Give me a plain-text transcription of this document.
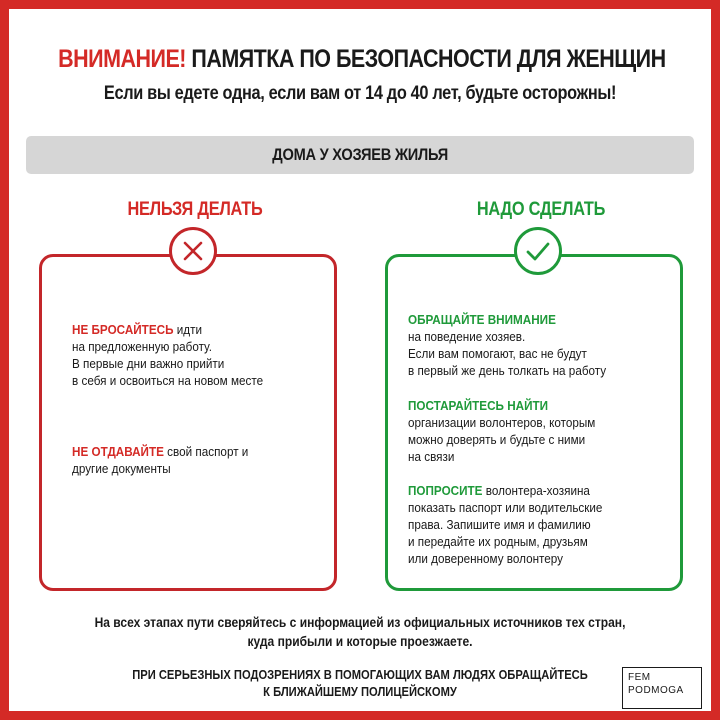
ВНИМАНИЕ! ПАМЯТКА ПО БЕЗОПАСНОСТИ ДЛЯ ЖЕНЩИН
Если вы едете одна, если вам от 14 до 40 лет, будьте осторожны!
ДОМА У ХОЗЯЕВ ЖИЛЬЯ
НЕЛЬЗЯ ДЕЛАТЬ	НАДО СДЕЛАТЬ
НЕ БРОСАЙТЕСЬ идти
на предложенную работу.
В первые дни важно прийти
в себя и освоиться на новом месте
НЕ ОТДАВАЙТЕ свой паспорт и
другие документы
ОБРАЩАЙТЕ ВНИМАНИЕ
на поведение хозяев.
Если вам помогают, вас не будут
в первый же день толкать на работу
ПОСТАРАЙТЕСЬ НАЙТИ
организации волонтеров, которым
можно доверять и будьте с ними
на связи
ПОПРОСИТЕ волонтера-хозяина
показать паспорт или водительские
права. Запишите имя и фамилию
и передайте их родным, друзьям
или доверенному волонтеру
На всех этапах пути сверяйтесь с информацией из официальных источников тех стран,
куда прибыли и которые проезжаете.
ПРИ СЕРЬЕЗНЫХ ПОДОЗРЕНИЯХ В ПОМОГАЮЩИХ ВАМ ЛЮДЯХ ОБРАЩАЙТЕСЬ
К БЛИЖАЙШЕМУ ПОЛИЦЕЙСКОМУ
FEM
PODMOGA
